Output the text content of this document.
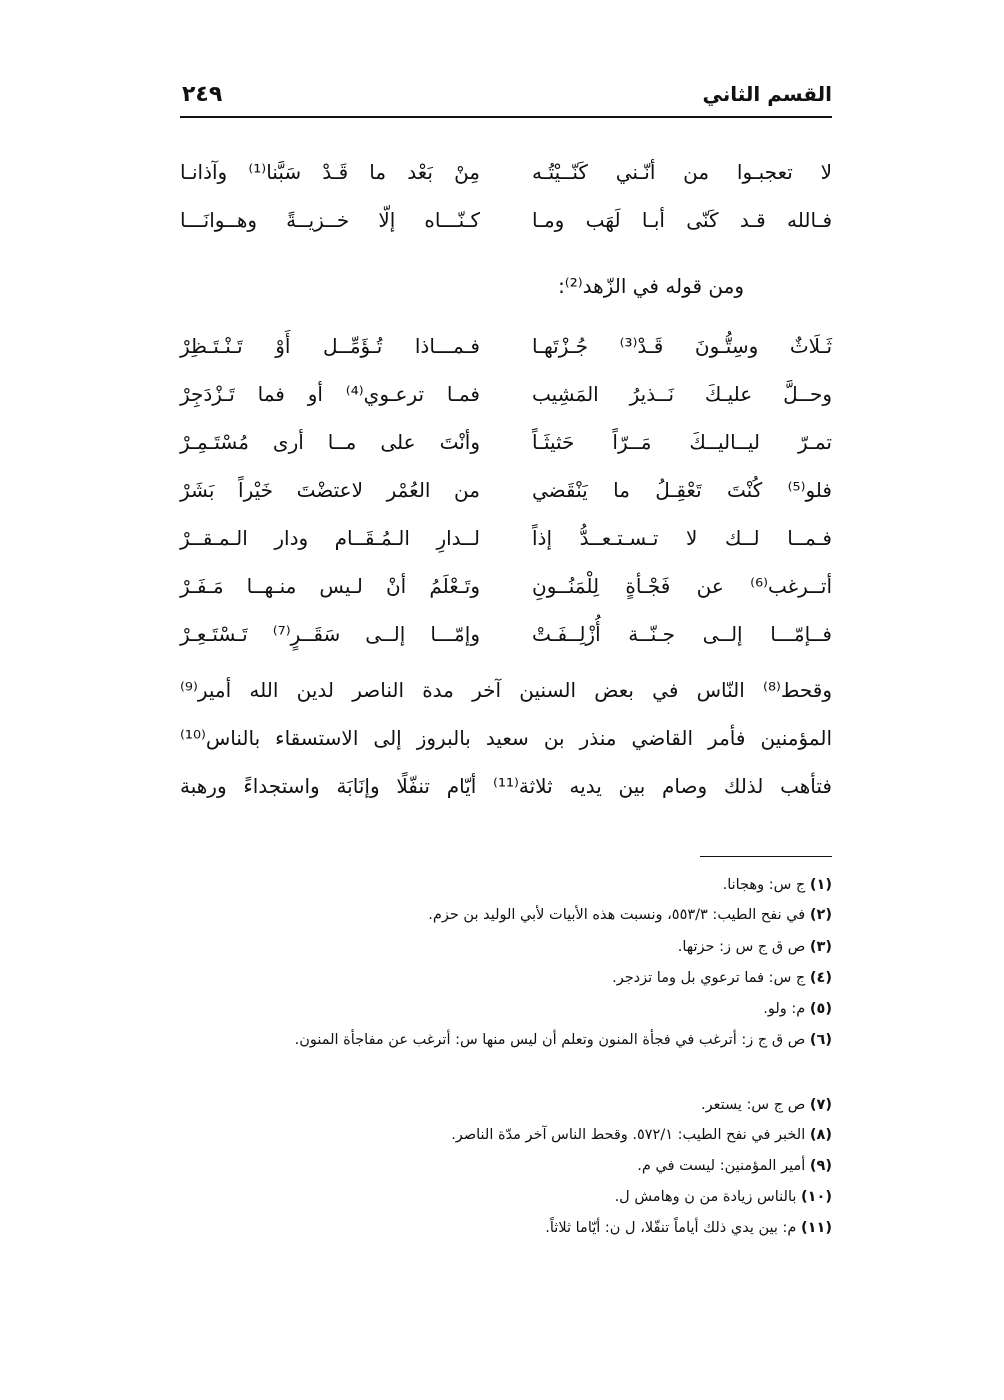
القسم الثاني
٢٤٩
لا تعجبـوا من أنّـني كَنّــيْتُـه
مِنْ بَعْد ما قَـدْ سَبَّنا⁽¹⁾ وآذانـا
فـالله قـد كَنّى أبـا لَهَب ومـا
كـنّـــاه إلّا خــزيــةً وهــوانَـــا
ومن قوله في الزّهد⁽²⁾:
ثَـلَاثٌ وسِتُّـونَ قَـدْ⁽³⁾ جُـزْتَهـا
فـمـــاذا تُـؤَمِّــل أَوْ تَـنْـتَـظِرْ
وحــلَّ عليـكَ نَــذيرُ المَشِيب
فمـا ترعـوي⁽⁴⁾ أو فما تَـزْدَجِرْ
تمـرّ ليــاليــكَ مَــرّاً حَثيثَـاً
وأنْتَ على مــا أرى مُسْتَـمِـرْ
فلو⁽⁵⁾ كُنْتَ تَعْقِـلُ ما يَنْقَضي
من العُمْر لاعتضْتَ خَيْراً بَشَرْ
فـمــا لــك لا تـسـتـعــدُّ إذاً
لــدارِ الـمُـقَــام ودار الـمـقــرْ
أتــرغب⁽⁶⁾ عن فَجْـأةٍ لِلْمَنُــونِ
وتَـعْلَمُ أنْ لـيس منـهــا مَـفَـرْ
فــإمّـــا إلــى جـنّــة أُزْلِــفَـتْ
وإمّـــا إلــى سَقَــرٍ⁽⁷⁾ تَـسْتَـعِـرْ
وقحط⁽⁸⁾ النّاس في بعض السنين آخر مدة الناصر لدين الله أمير⁽⁹⁾
المؤمنين فأمر القاضي منذر بن سعيد بالبروز إلى الاستسقاء بالناس⁽¹⁰⁾
فتأهب لذلك وصام بين يديه ثلاثة⁽¹¹⁾ أيّام تنفّلًا وإنَابَة واستجداءً ورهبة
(١) ج س: وهجانا.
(٢) في نفح الطيب: ٥٥٣/٣، ونسبت هذه الأبيات لأبي الوليد بن حزم.
(٣) ص ق ج س ز: حزتها.
(٤) ج س: فما ترعوي بل وما تزدجر.
(٥) م: ولو.
(٦) ص ق ج ز: أترغب في فجأة المنون وتعلم أن ليس منها س: أترغب عن مفاجأة المنون.
(٧) ص ج س: يستعر.
(٨) الخبر في نفح الطيب: ٥٧٢/١. وقحط الناس آخر مدّة الناصر.
(٩) أمير المؤمنين: ليست في م.
(١٠) بالناس زيادة من ن وهامش ل.
(١١) م: بين يدي ذلك أياماً تنفّلا، ل ن: أيّاما ثلاثاً.
